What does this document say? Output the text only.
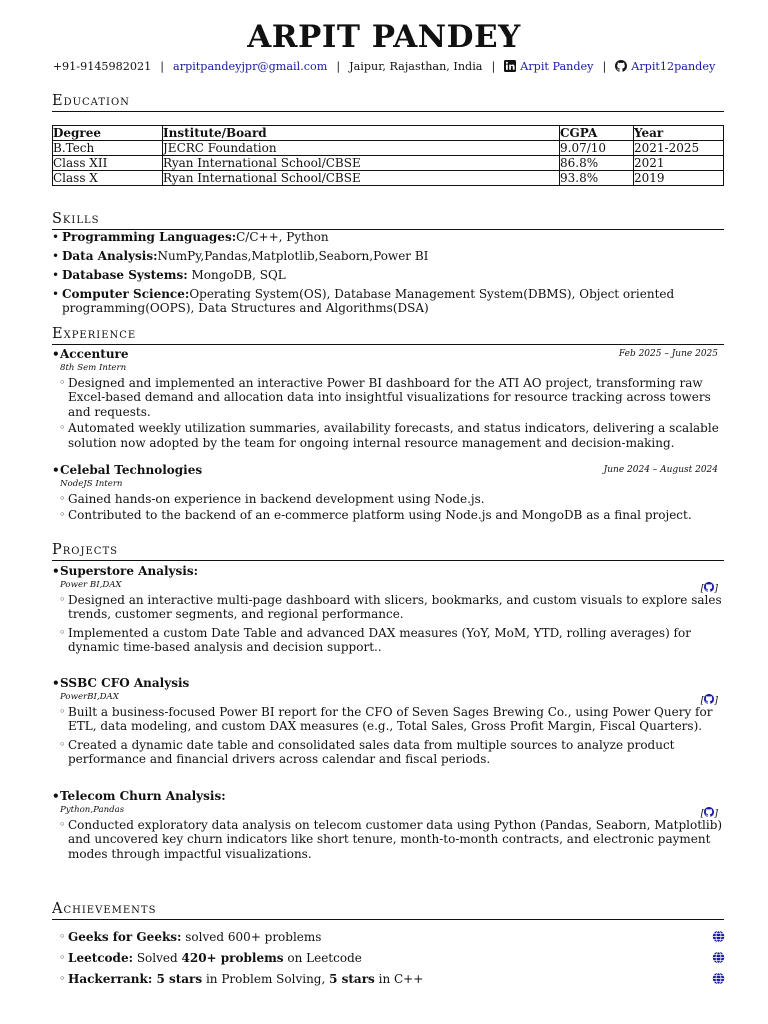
ARPIT PANDEY
+91-9145982021 | arpitpandeyjpr@gmail.com | Jaipur, Rajasthan, India | Arpit Pandey | Arpit12pandey
Education
Degree	Institute/Board	CGPA	Year
B.Tech	JECRC Foundation	9.07/10	2021-2025
Class XII	Ryan International School/CBSE	86.8%	2021
Class X	Ryan International School/CBSE	93.8%	2019
Skills
• Programming Languages:C/C++, Python
• Data Analysis:NumPy,Pandas,Matplotlib,Seaborn,Power BI
• Database Systems: MongoDB, SQL
• Computer Science:Operating System(OS), Database Management System(DBMS), Object oriented programming(OOPS), Data Structures and Algorithms(DSA)
Experience
• Accenture	Feb 2025 – June 2025
8th Sem Intern
◦ Designed and implemented an interactive Power BI dashboard for the ATI AO project, transforming raw Excel-based demand and allocation data into insightful visualizations for resource tracking across towers and requests.
◦ Automated weekly utilization summaries, availability forecasts, and status indicators, delivering a scalable solution now adopted by the team for ongoing internal resource management and decision-making.
• Celebal Technologies	June 2024 – August 2024
NodeJS Intern
◦ Gained hands-on experience in backend development using Node.js.
◦ Contributed to the backend of an e-commerce platform using Node.js and MongoDB as a final project.
Projects
• Superstore Analysis:
Power BI,DAX	[ ]
◦ Designed an interactive multi-page dashboard with slicers, bookmarks, and custom visuals to explore sales trends, customer segments, and regional performance.
◦ Implemented a custom Date Table and advanced DAX measures (YoY, MoM, YTD, rolling averages) for dynamic time-based analysis and decision support..
• SSBC CFO Analysis
PowerBI,DAX	[ ]
◦ Built a business-focused Power BI report for the CFO of Seven Sages Brewing Co., using Power Query for ETL, data modeling, and custom DAX measures (e.g., Total Sales, Gross Profit Margin, Fiscal Quarters).
◦ Created a dynamic date table and consolidated sales data from multiple sources to analyze product performance and financial drivers across calendar and fiscal periods.
• Telecom Churn Analysis:
Python,Pandas	[ ]
◦ Conducted exploratory data analysis on telecom customer data using Python (Pandas, Seaborn, Matplotlib) and uncovered key churn indicators like short tenure, month-to-month contracts, and electronic payment modes through impactful visualizations.
Achievements
◦ Geeks for Geeks: solved 600+ problems
◦ Leetcode: Solved 420+ problems on Leetcode
◦ Hackerrank: 5 stars in Problem Solving, 5 stars in C++
